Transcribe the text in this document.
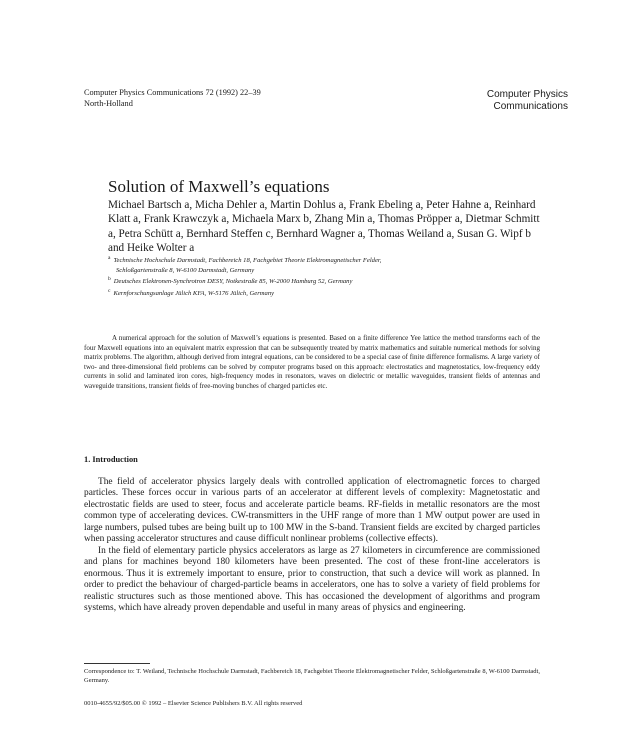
Computer Physics Communications 72 (1992) 22–39
North-Holland
Computer Physics
Communications
Solution of Maxwell’s equations
Michael Bartsch a, Micha Dehler a, Martin Dohlus a, Frank Ebeling a, Peter Hahne a, Reinhard Klatt a, Frank Krawczyk a, Michaela Marx b, Zhang Min a, Thomas Pröpper a, Dietmar Schmitt a, Petra Schütt a, Bernhard Steffen c, Bernhard Wagner a, Thomas Weiland a, Susan G. Wipf b and Heike Wolter a
$^a$ Technische Hochschule Darmstadt, Fachbereich 18, Fachgebiet Theorie Elektromagnetischer Felder,
Schloßgartenstraße 8, W-6100 Darmstadt, Germany
$^b$ Deutsches Elektronen-Synchrotron DESY, Notkestraße 85, W-2000 Hamburg 52, Germany
$^c$ Kernforschungsanlage Jülich KFA, W-5176 Jülich, Germany
A numerical approach for the solution of Maxwell’s equations is presented. Based on a finite difference Yee lattice the method transforms each of the four Maxwell equations into an equivalent matrix expression that can be subsequently treated by matrix mathematics and suitable numerical methods for solving matrix problems. The algorithm, although derived from integral equations, can be considered to be a special case of finite difference formalisms. A large variety of two- and three-dimensional field problems can be solved by computer programs based on this approach: electrostatics and magnetostatics, low-frequency eddy currents in solid and laminated iron cores, high-frequency modes in resonators, waves on dielectric or metallic waveguides, transient fields of antennas and waveguide transitions, transient fields of free-moving bunches of charged particles etc.
1. Introduction

The field of accelerator physics largely deals with controlled application of electromagnetic forces to charged particles. These forces occur in various parts of an accelerator at different levels of complexity: Magnetostatic and electrostatic fields are used to steer, focus and accelerate particle beams. RF-fields in metallic resonators are the most common type of accelerating devices. CW-transmitters in the UHF range of more than 1 MW output power are used in large numbers, pulsed tubes are being built up to 100 MW in the S-band. Transient fields are excited by charged particles when passing accelerator structures and cause difficult nonlinear problems (collective effects).

In the field of elementary particle physics accelerators as large as 27 kilometers in circumference are commissioned and plans for machines beyond 180 kilometers have been presented. The cost of these front-line accelerators is enormous. Thus it is extremely important to ensure, prior to construction, that such a device will work as planned. In order to predict the behaviour of charged-particle beams in accelerators, one has to solve a variety of field problems for realistic structures such as those mentioned above. This has occasioned the development of algorithms and program systems, which have already proven dependable and useful in many areas of physics and engineering.

Correspondence to: T. Weiland, Technische Hochschule Darmstadt, Fachbereich 18, Fachgebiet Theorie Elektromagnetischer Felder, Schloßgartenstraße 8, W-6100 Darmstadt, Germany.
0010-4655/92/$05.00 © 1992 – Elsevier Science Publishers B.V. All rights reserved
